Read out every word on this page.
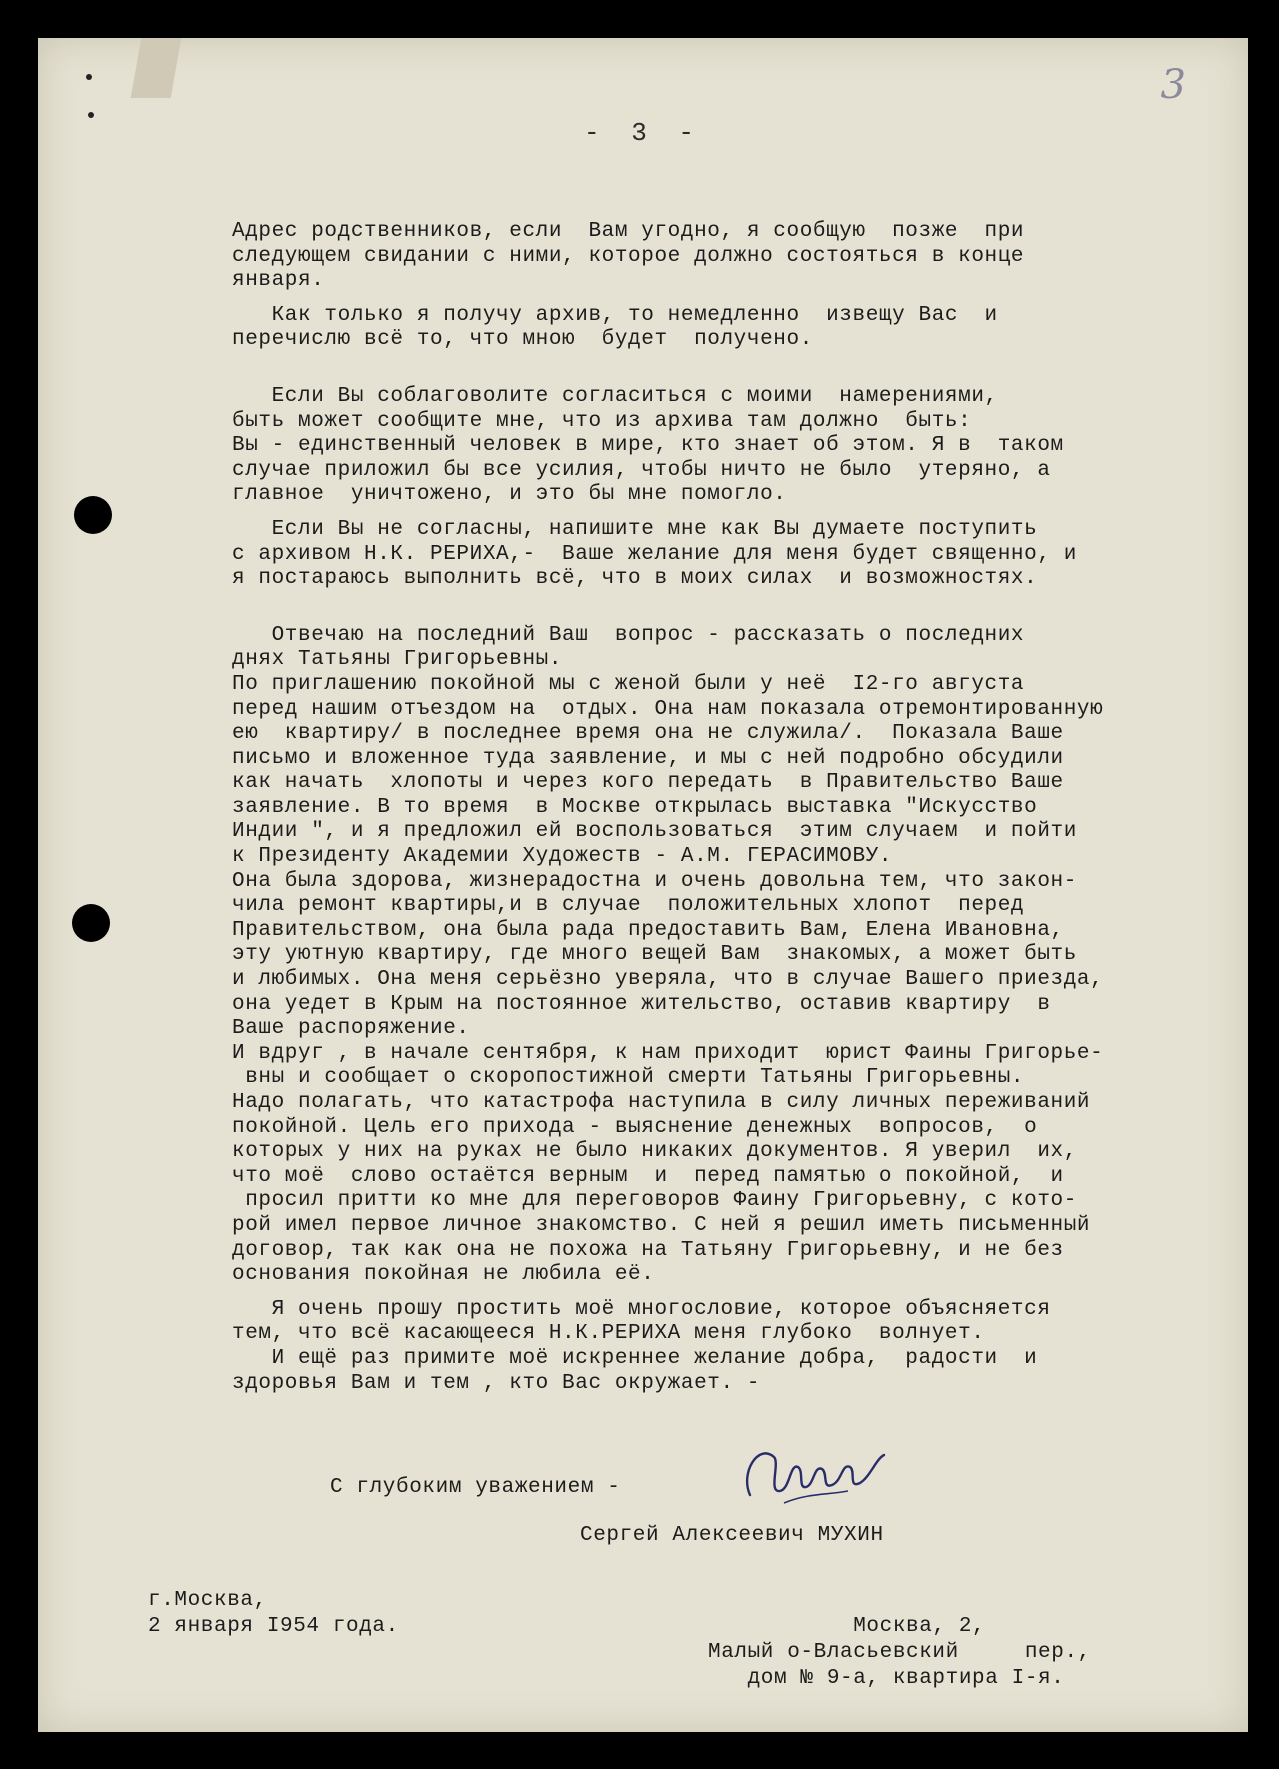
3
- 3 -
Адрес родственников, если  Вам угодно, я сообщую  позже  при
следующем свидании с ними, которое должно состояться в конце
января.
Как только я получу архив, то немедленно  извещу Вас  и
перечислю всё то, что мною  будет  получено.
Если Вы соблаговолите согласиться с моими  намерениями,
быть может сообщите мне, что из архива там должно  быть:
Вы - единственный человек в мире, кто знает об этом. Я в  таком
случае приложил бы все усилия, чтобы ничто не было  утеряно, а
главное  уничтожено, и это бы мне помогло.
Если Вы не согласны, напишите мне как Вы думаете поступить
с архивом Н.К. РЕРИХА,-  Ваше желание для меня будет священно, и
я постараюсь выполнить всё, что в моих силах  и возможностях.
Отвечаю на последний Ваш  вопрос - рассказать о последних
днях Татьяны Григорьевны.
По приглашению покойной мы с женой были у неё  I2-го августа
перед нашим отъездом на  отдых. Она нам показала отремонтированную
ею  квартиру/ в последнее время она не служила/.  Показала Ваше
письмо и вложенное туда заявление, и мы с ней подробно обсудили
как начать  хлопоты и через кого передать  в Правительство Ваше
заявление. В то время  в Москве открылась выставка "Искусство
Индии ", и я предложил ей воспользоваться  этим случаем  и пойти
к Президенту Академии Художеств - А.М. ГЕРАСИМОВУ.
Она была здорова, жизнерадостна и очень довольна тем, что закон-
чила ремонт квартиры,и в случае  положительных хлопот  перед
Правительством, она была рада предоставить Вам, Елена Ивановна,
эту уютную квартиру, где много вещей Вам  знакомых, а может быть
и любимых. Она меня серьёзно уверяла, что в случае Вашего приезда,
она уедет в Крым на постоянное жительство, оставив квартиру  в
Ваше распоряжение.
И вдруг , в начале сентября, к нам приходит  юрист Фаины Григорье-
вны и сообщает о скоропостижной смерти Татьяны Григорьевны.
Надо полагать, что катастрофа наступила в силу личных переживаний
покойной. Цель его прихода - выяснение денежных  вопросов,  о
которых у них на руках не было никаких документов. Я уверил  их,
что моё  слово остаётся верным  и  перед памятью о покойной,  и
просил притти ко мне для переговоров Фаину Григорьевну, с кото-
рой имел первое личное знакомство. С ней я решил иметь письменный
договор, так как она не похожа на Татьяну Григорьевну, и не без
основания покойная не любила её.
Я очень прошу простить моё многословие, которое объясняется
тем, что всё касающееся Н.К.РЕРИХА меня глубоко  волнует.
И ещё раз примите моё искреннее желание добра,  радости  и
здоровья Вам и тем , кто Вас окружает. -
С глубоким уважением -
Сергей Алексеевич МУХИН
г.Москва,
2 января I954 года.	Москва, 2,
Малый о-Власьевский     пер.,
дом № 9-а, квартира I-я.
